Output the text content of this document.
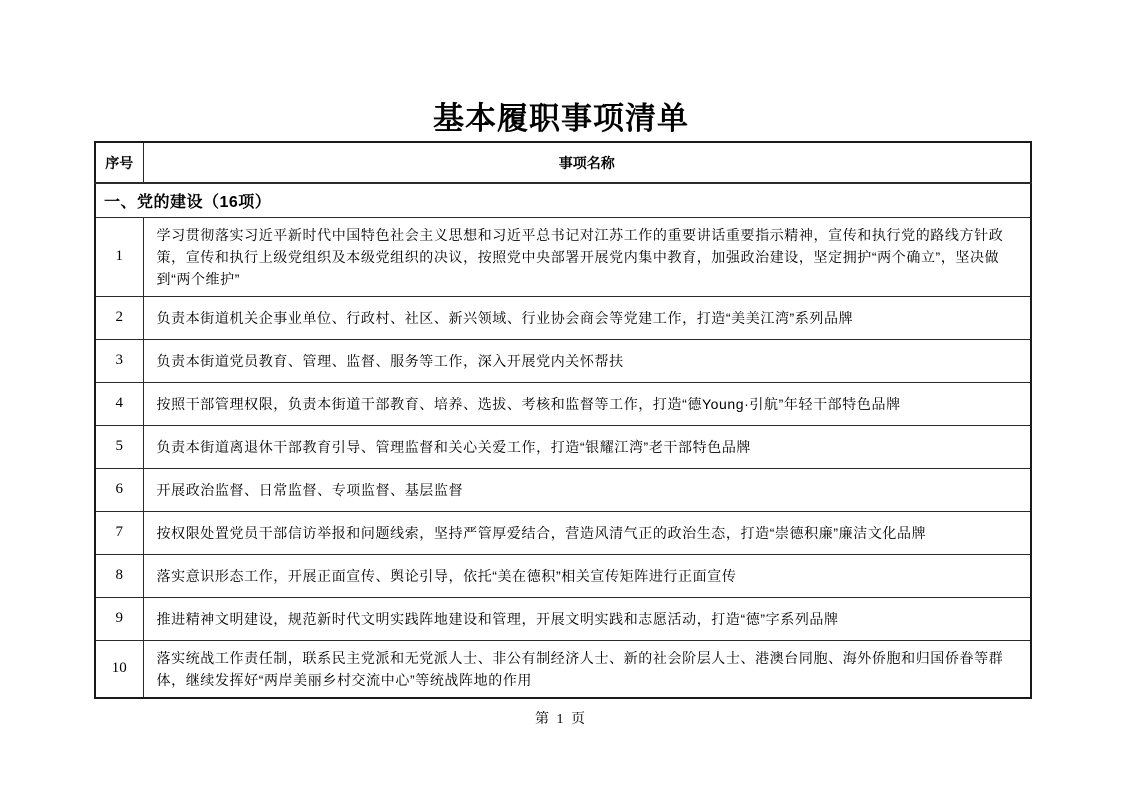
基本履职事项清单
序号	事项名称
一、党的建设（16项）	
1	学习贯彻落实习近平新时代中国特色社会主义思想和习近平总书记对江苏工作的重要讲话重要指示精神，宣传和执行党的路线方针政策，宣传和执行上级党组织及本级党组织的决议，按照党中央部署开展党内集中教育，加强政治建设，坚定拥护“两个确立”，坚决做到“两个维护”
2	负责本街道机关企事业单位、行政村、社区、新兴领域、行业协会商会等党建工作，打造“美美江湾”系列品牌
3	负责本街道党员教育、管理、监督、服务等工作，深入开展党内关怀帮扶
4	按照干部管理权限，负责本街道干部教育、培养、选拔、考核和监督等工作，打造“德Young·引航”年轻干部特色品牌
5	负责本街道离退休干部教育引导、管理监督和关心关爱工作，打造“银耀江湾”老干部特色品牌
6	开展政治监督、日常监督、专项监督、基层监督
7	按权限处置党员干部信访举报和问题线索，坚持严管厚爱结合，营造风清气正的政治生态，打造“崇德积廉”廉洁文化品牌
8	落实意识形态工作，开展正面宣传、舆论引导，依托“美在德积”相关宣传矩阵进行正面宣传
9	推进精神文明建设，规范新时代文明实践阵地建设和管理，开展文明实践和志愿活动，打造“德”字系列品牌
10	落实统战工作责任制，联系民主党派和无党派人士、非公有制经济人士、新的社会阶层人士、港澳台同胞、海外侨胞和归国侨眷等群体，继续发挥好“两岸美丽乡村交流中心”等统战阵地的作用
第 1 页
